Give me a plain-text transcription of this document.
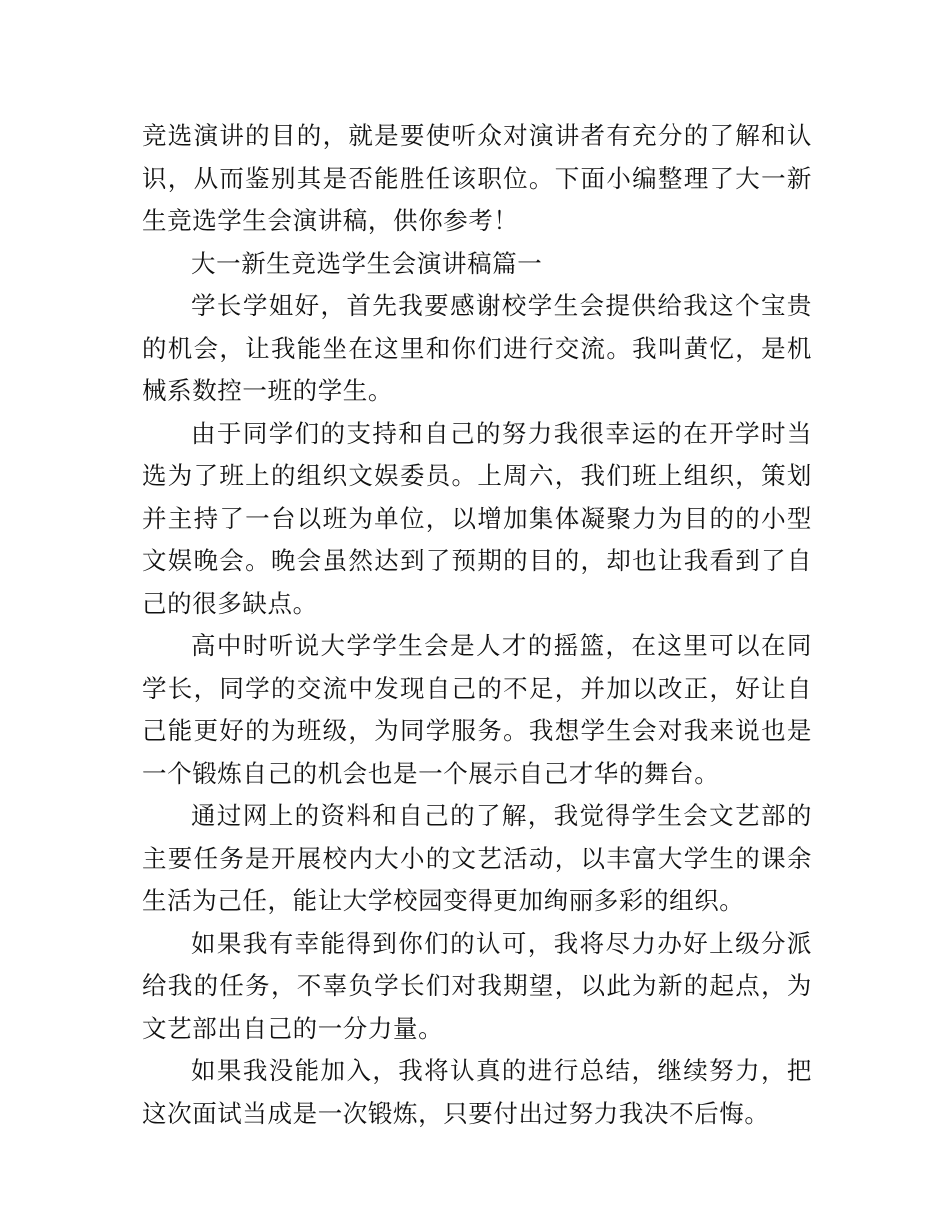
竞选演讲的目的，就是要使听众对演讲者有充分的了解和认识，从而鉴别其是否能胜任该职位。下面小编整理了大一新生竞选学生会演讲稿，供你参考！

大一新生竞选学生会演讲稿篇一

学长学姐好，首先我要感谢校学生会提供给我这个宝贵的机会，让我能坐在这里和你们进行交流。我叫黄忆，是机械系数控一班的学生。

由于同学们的支持和自己的努力我很幸运的在开学时当选为了班上的组织文娱委员。上周六，我们班上组织，策划并主持了一台以班为单位，以增加集体凝聚力为目的的小型文娱晚会。晚会虽然达到了预期的目的，却也让我看到了自己的很多缺点。

高中时听说大学学生会是人才的摇篮，在这里可以在同学长，同学的交流中发现自己的不足，并加以改正，好让自己能更好的为班级，为同学服务。我想学生会对我来说也是一个锻炼自己的机会也是一个展示自己才华的舞台。

通过网上的资料和自己的了解，我觉得学生会文艺部的主要任务是开展校内大小的文艺活动，以丰富大学生的课余生活为己任，能让大学校园变得更加绚丽多彩的组织。

如果我有幸能得到你们的认可，我将尽力办好上级分派给我的任务，不辜负学长们对我期望，以此为新的起点，为文艺部出自己的一分力量。

如果我没能加入，我将认真的进行总结，继续努力，把这次面试当成是一次锻炼，只要付出过努力我决不后悔。
